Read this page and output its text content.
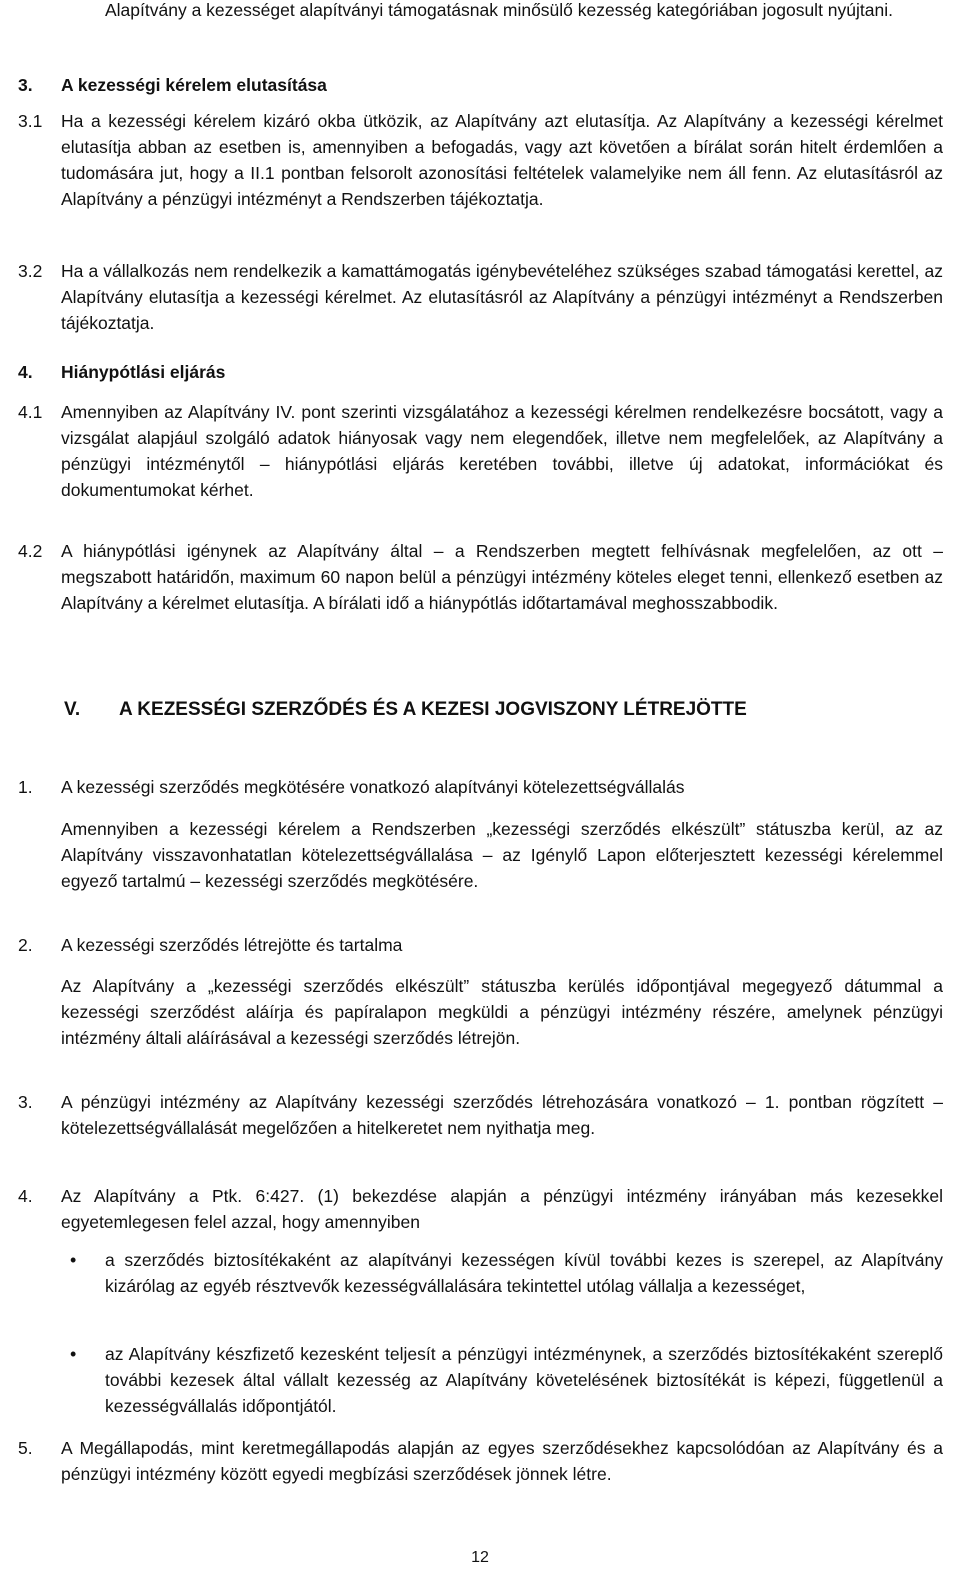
Alapítvány a kezességet alapítványi támogatásnak minősülő kezesség kategóriában jogosult nyújtani.
3. A kezességi kérelem elutasítása
3.1 Ha a kezességi kérelem kizáró okba ütközik, az Alapítvány azt elutasítja. Az Alapítvány a kezességi kérelmet elutasítja abban az esetben is, amennyiben a befogadás, vagy azt követően a bírálat során hitelt érdemlően a tudomására jut, hogy a II.1 pontban felsorolt azonosítási feltételek valamelyike nem áll fenn. Az elutasításról az Alapítvány a pénzügyi intézményt a Rendszerben tájékoztatja.
3.2 Ha a vállalkozás nem rendelkezik a kamattámogatás igénybevételéhez szükséges szabad támogatási kerettel, az Alapítvány elutasítja a kezességi kérelmet. Az elutasításról az Alapítvány a pénzügyi intézményt a Rendszerben tájékoztatja.
4. Hiánypótlási eljárás
4.1 Amennyiben az Alapítvány IV. pont szerinti vizsgálatához a kezességi kérelmen rendelkezésre bocsátott, vagy a vizsgálat alapjául szolgáló adatok hiányosak vagy nem elegendőek, illetve nem megfelelőek, az Alapítvány a pénzügyi intézménytől – hiánypótlási eljárás keretében további, illetve új adatokat, információkat és dokumentumokat kérhet.
4.2 A hiánypótlási igénynek az Alapítvány által – a Rendszerben megtett felhívásnak megfelelően, az ott – megszabott határidőn, maximum 60 napon belül a pénzügyi intézmény köteles eleget tenni, ellenkező esetben az Alapítvány a kérelmet elutasítja. A bírálati idő a hiánypótlás időtartamával meghosszabbodik.
V. A KEZESSÉGI SZERZŐDÉS ÉS A KEZESI JOGVISZONY LÉTREJÖTTE
1. A kezességi szerződés megkötésére vonatkozó alapítványi kötelezettségvállalás
Amennyiben a kezességi kérelem a Rendszerben „kezességi szerződés elkészült” státuszba kerül, az az Alapítvány visszavonhatatlan kötelezettségvállalása – az Igénylő Lapon előterjesztett kezességi kérelemmel egyező tartalmú – kezességi szerződés megkötésére.
2. A kezességi szerződés létrejötte és tartalma
Az Alapítvány a „kezességi szerződés elkészült” státuszba kerülés időpontjával megegyező dátummal a kezességi szerződést aláírja és papíralapon megküldi a pénzügyi intézmény részére, amelynek pénzügyi intézmény általi aláírásával a kezességi szerződés létrejön.
3. A pénzügyi intézmény az Alapítvány kezességi szerződés létrehozására vonatkozó – 1. pontban rögzített – kötelezettségvállalását megelőzően a hitelkeretet nem nyithatja meg.
4. Az Alapítvány a Ptk. 6:427. (1) bekezdése alapján a pénzügyi intézmény irányában más kezesekkel egyetemlegesen felel azzal, hogy amennyiben
• a szerződés biztosítékaként az alapítványi kezességen kívül további kezes is szerepel, az Alapítvány kizárólag az egyéb résztvevők kezességvállalására tekintettel utólag vállalja a kezességet,
• az Alapítvány készfizető kezesként teljesít a pénzügyi intézménynek, a szerződés biztosítékaként szereplő további kezesek által vállalt kezesség az Alapítvány követelésének biztosítékát is képezi, függetlenül a kezességvállalás időpontjától.
5. A Megállapodás, mint keretmegállapodás alapján az egyes szerződésekhez kapcsolódóan az Alapítvány és a pénzügyi intézmény között egyedi megbízási szerződések jönnek létre.
12
